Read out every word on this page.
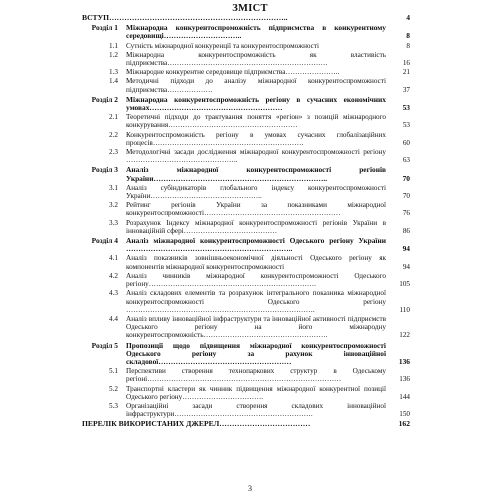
ЗМІСТ
ВСТУП……………………………………………………………..	4
Розділ 1	Міжнародна конкурентоспроможність підприємства в конкурентному середовищі…………………………..	8
1.1	Сутність міжнародної конкуренції та конкурентоспроможності	8
1.2	Міжнародна конкурентоспроможність як властивість підприємства………………………………………………………….	16
1.3	Міжнародне конкурентне середовище підприємства…………………..	21
1.4	Методичні підходи до аналізу міжнародної конкурентоспроможності підприємства……………….	37
Розділ 2	Міжнародна конкурентоспроможність регіону в сучасних економічних умовах………………………………………………	53
2.1	Теоретичні підходи до трактування поняття «регіон» з позицій міжнародного конкурування………………………………………………	53
2.2	Конкурентоспроможність регіону в умовах сучасних глобалізаційних процесів………………………………………………………	60
2.3	Методологічні засади дослідження міжнародної конкурентоспроможності регіону ………………………………………..	63
Розділ 3	Аналіз міжнародної конкурентоспроможності регіонів України……………………………………………………………..	70
3.1	Аналіз субіндикаторів глобального індексу конкурентоспроможності України………………………………………..	70
3.2	Рейтинг регіонів України за показниками міжнародної конкурентоспроможності…………………………………………………	76
3.3	Розрахунок Індексу міжнародної конкурентоспроможності регіонів України в інноваційній сфері…………………………………	86
Розділ 4	Аналіз міжнародної конкурентоспроможності Одеського регіону України …………………………………………………………..	94
4.1	Аналіз показників зовнішньоекономічної діяльності Одеського регіону як компонентів міжнародної конкурентоспроможності	94
4.2	Аналіз чинників міжнародної конкурентоспроможності Одеського регіону…………………………………………………………….	105
4.3	Аналіз складових елементів та розрахунок інтегрального показника міжнародної конкурентоспроможності Одеського регіону …………………………………………………………………….	110
4.4	Аналіз впливу інноваційної інфраструктури та інноваційної активності підприємств Одеського регіону на його міжнародну конкурентоспроможність…………………………………………….	122
Розділ 5	Пропозиції щодо підвищення міжнародної конкурентоспроможності Одеського регіону за рахунок інноваційної складової………………………………………………	136
5.1	Перспективи створення технопаркових структур в Одеському регіоні………………………………………………………………………	136
5.2	Транспортні кластери як чинник підвищення міжнародної конкурентної позиції Одеського регіону…………………………….	144
5.3	Організаційні засади створення складових інноваційної інфраструктури………………………………………………….	150
ПЕРЕЛІК ВИКОРИСТАНИХ ДЖЕРЕЛ………………………………	162
3
